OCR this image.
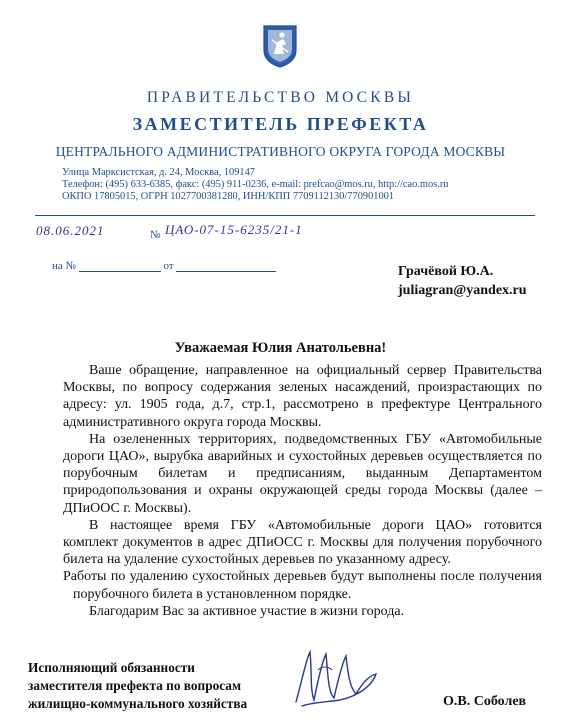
ПРАВИТЕЛЬСТВО МОСКВЫ
ЗАМЕСТИТЕЛЬ ПРЕФЕКТА
ЦЕНТРАЛЬНОГО АДМИНИСТРАТИВНОГО ОКРУГА ГОРОДА МОСКВЫ
Улица Марксистская, д. 24, Москва, 109147
Телефон: (495) 633-6385, факс: (495) 911-0236, e-mail: prefcao@mos.ru, http://cao.mos.ru
ОКПО 17805015, ОГРН 1027700381280, ИНН/КПП 7709112130/770901001
08.06.2021	№ ЦАО-07-15-6235/21-1
на №	от	Грачёвой Ю.А.
juliagran@yandex.ru
Уважаемая Юлия Анатольевна!

Ваше обращение, направленное на официальный сервер Правительства Москвы, по вопросу содержания зеленых насаждений, произрастающих по адресу: ул. 1905 года, д.7, стр.1, рассмотрено в префектуре Центрального административного округа города Москвы.

На озелененных территориях, подведомственных ГБУ «Автомобильные дороги ЦАО», вырубка аварийных и сухостойных деревьев осуществляется по порубочным билетам и предписаниям, выданным Департаментом природопользования и охраны окружающей среды города Москвы (далее – ДПиООС г. Москвы).

В настоящее время ГБУ «Автомобильные дороги ЦАО» готовится комплект документов в адрес ДПиОСС г. Москвы для получения порубочного билета на удаление сухостойных деревьев по указанному адресу.

Работы по удалению сухостойных деревьев будут выполнены после получения порубочного билета в установленном порядке.

Благодарим Вас за активное участие в жизни города.

Исполняющий обязанности
заместителя префекта по вопросам
жилищно-коммунального хозяйства	О.В. Соболев
